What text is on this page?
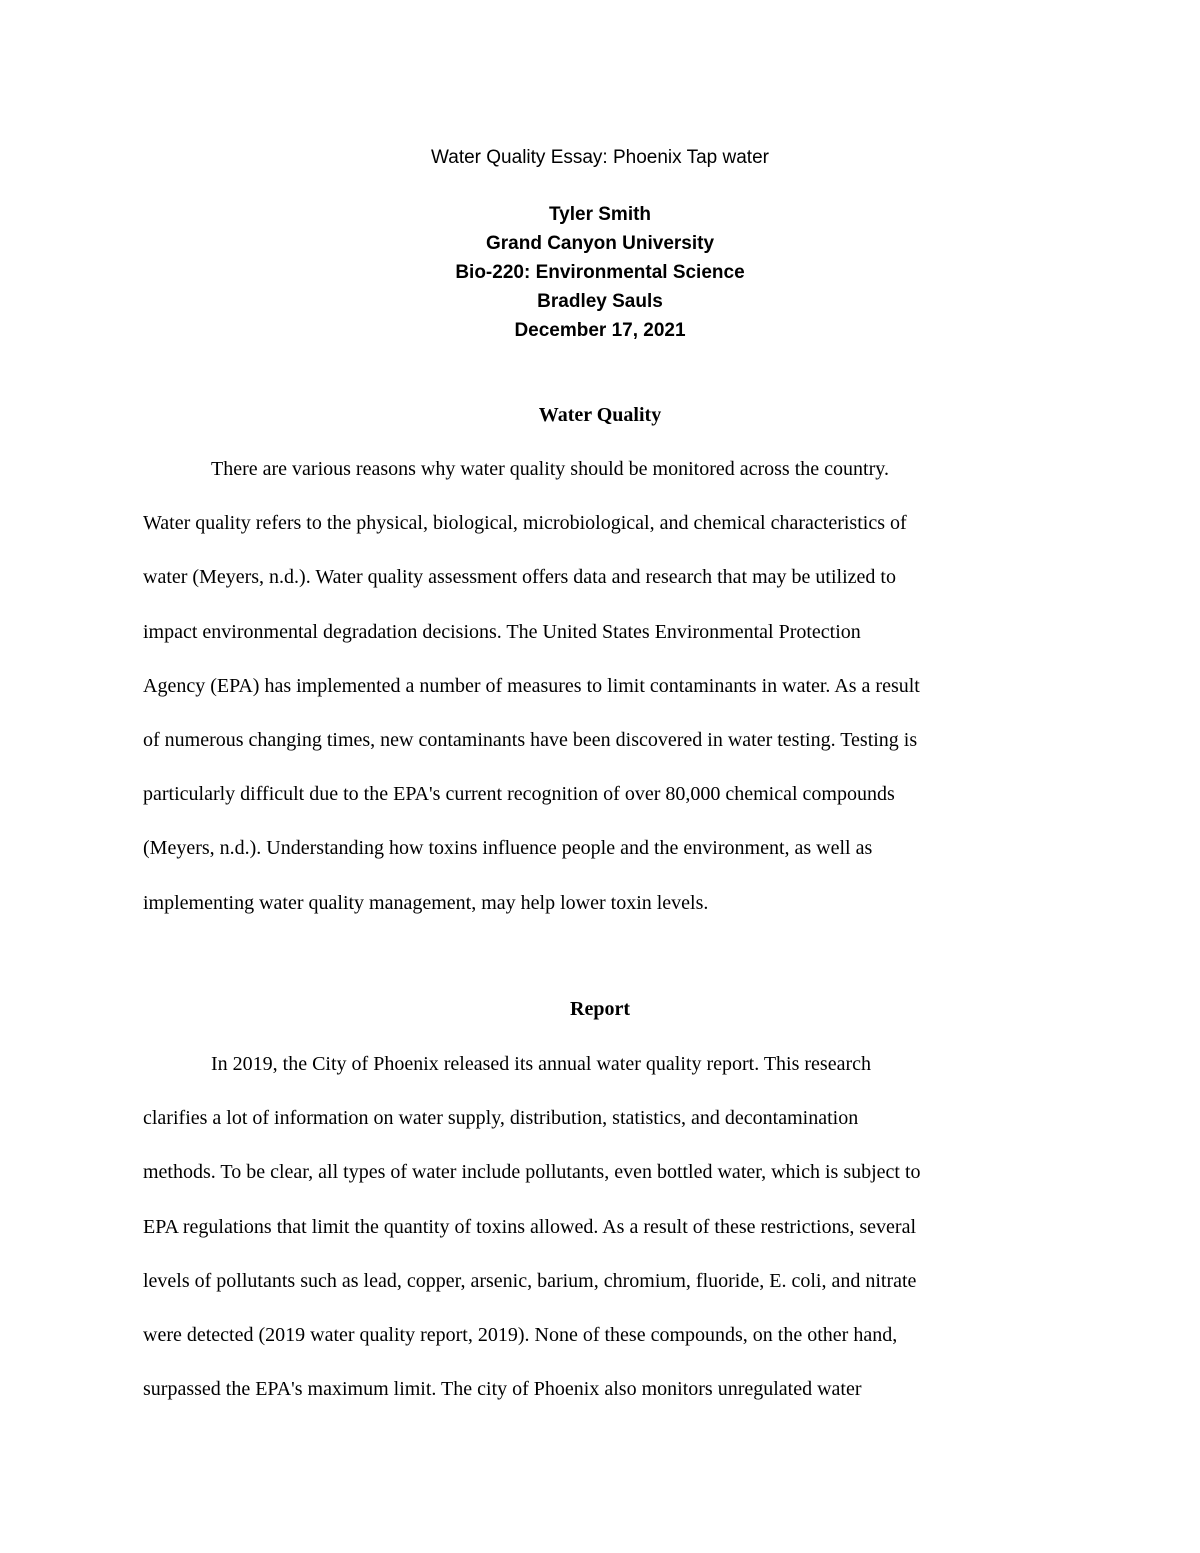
Water Quality Essay: Phoenix Tap water
Tyler Smith
Grand Canyon University
Bio-220: Environmental Science
Bradley Sauls
December 17, 2021
Water Quality

There are various reasons why water quality should be monitored across the country.
Water quality refers to the physical, biological, microbiological, and chemical characteristics of
water (Meyers, n.d.). Water quality assessment offers data and research that may be utilized to
impact environmental degradation decisions. The United States Environmental Protection
Agency (EPA) has implemented a number of measures to limit contaminants in water. As a result
of numerous changing times, new contaminants have been discovered in water testing. Testing is
particularly difficult due to the EPA's current recognition of over 80,000 chemical compounds
(Meyers, n.d.). Understanding how toxins influence people and the environment, as well as
implementing water quality management, may help lower toxin levels.

Report

In 2019, the City of Phoenix released its annual water quality report. This research
clarifies a lot of information on water supply, distribution, statistics, and decontamination
methods. To be clear, all types of water include pollutants, even bottled water, which is subject to
EPA regulations that limit the quantity of toxins allowed. As a result of these restrictions, several
levels of pollutants such as lead, copper, arsenic, barium, chromium, fluoride, E. coli, and nitrate
were detected (2019 water quality report, 2019). None of these compounds, on the other hand,
surpassed the EPA's maximum limit. The city of Phoenix also monitors unregulated water
